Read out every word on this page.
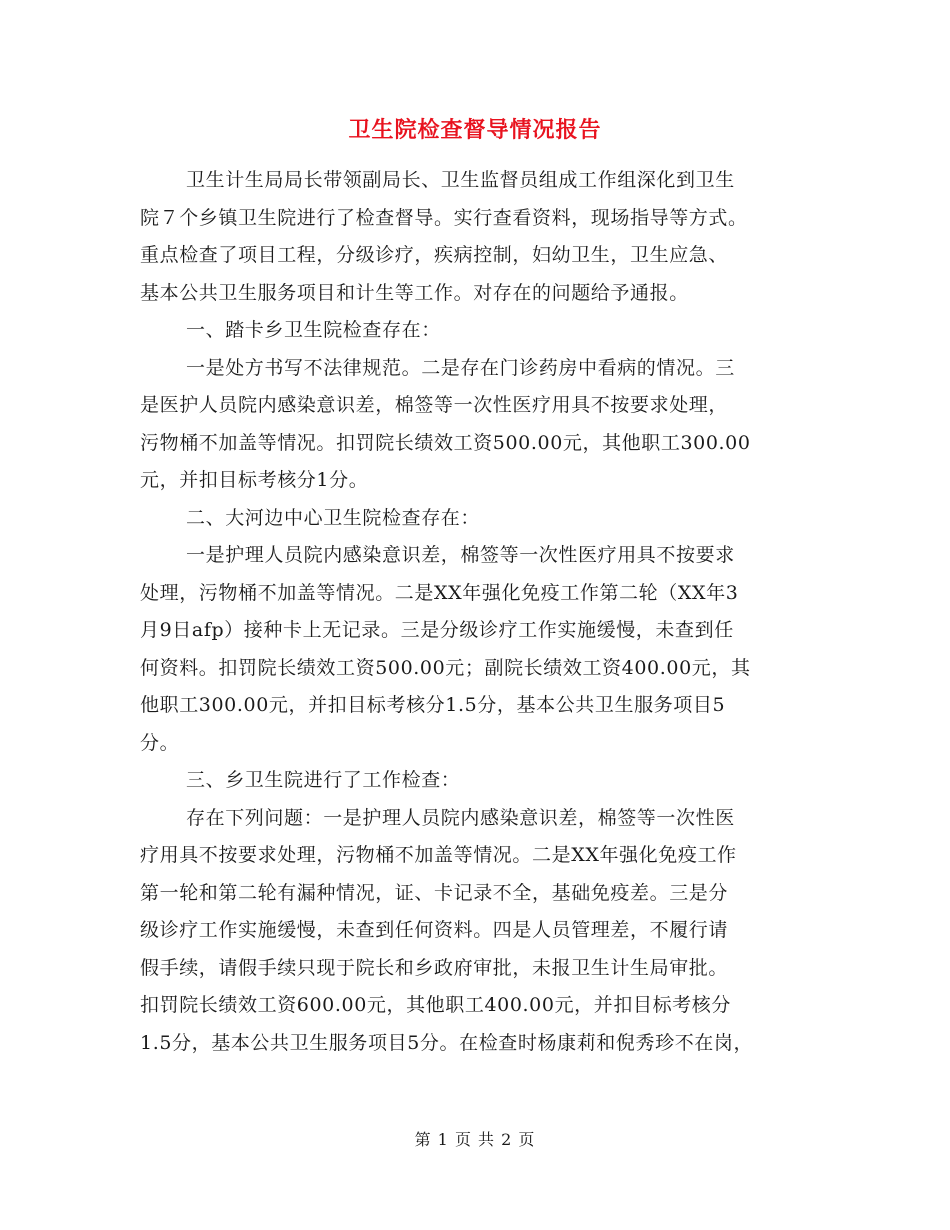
卫生院检查督导情况报告
卫生计生局局长带领副局长、卫生监督员组成工作组深化到卫生
院７个乡镇卫生院进行了检查督导。实行查看资料，现场指导等方式。
重点检查了项目工程，分级诊疗，疾病控制，妇幼卫生，卫生应急、
基本公共卫生服务项目和计生等工作。对存在的问题给予通报。
一、踏卡乡卫生院检查存在：
一是处方书写不法律规范。二是存在门诊药房中看病的情况。三
是医护人员院内感染意识差，棉签等一次性医疗用具不按要求处理，
污物桶不加盖等情况。扣罚院长绩效工资500.00元，其他职工300.00
元，并扣目标考核分1分。
二、大河边中心卫生院检查存在：
一是护理人员院内感染意识差，棉签等一次性医疗用具不按要求
处理，污物桶不加盖等情况。二是XX年强化免疫工作第二轮（XX年3
月9日afp）接种卡上无记录。三是分级诊疗工作实施缓慢，未查到任
何资料。扣罚院长绩效工资500.00元；副院长绩效工资400.00元，其
他职工300.00元，并扣目标考核分1.5分，基本公共卫生服务项目5
分。
三、乡卫生院进行了工作检查：
存在下列问题：一是护理人员院内感染意识差，棉签等一次性医
疗用具不按要求处理，污物桶不加盖等情况。二是XX年强化免疫工作
第一轮和第二轮有漏种情况，证、卡记录不全，基础免疫差。三是分
级诊疗工作实施缓慢，未查到任何资料。四是人员管理差，不履行请
假手续，请假手续只现于院长和乡政府审批，未报卫生计生局审批。
扣罚院长绩效工资600.00元，其他职工400.00元，并扣目标考核分
1.5分，基本公共卫生服务项目5分。在检查时杨康莉和倪秀珍不在岗，
第 1 页 共 2 页
